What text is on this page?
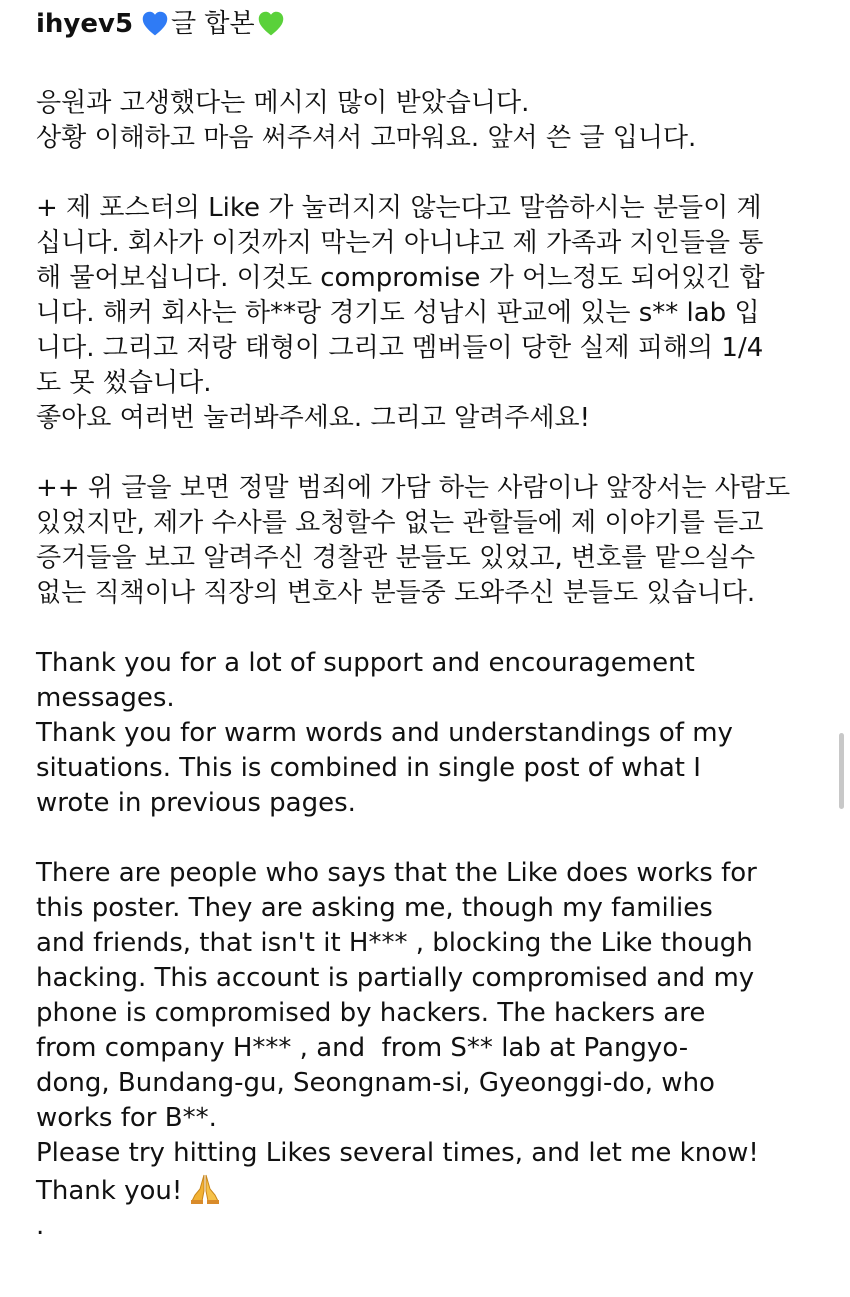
ihyev5 글 합본
응원과 고생했다는 메시지 많이 받았습니다.
상황 이해하고 마음 써주셔서 고마워요. 앞서 쓴 글 입니다.
+ 제 포스터의 Like 가 눌러지지 않는다고 말씀하시는 분들이 계
십니다. 회사가 이것까지 막는거 아니냐고 제 가족과 지인들을 통
해 물어보십니다. 이것도 compromise 가 어느정도 되어있긴 합
니다. 해커 회사는 하**랑 경기도 성남시 판교에 있는 s** lab 입
니다. 그리고 저랑 태형이 그리고 멤버들이 당한 실제 피해의 1/4
도 못 썼습니다.
좋아요 여러번 눌러봐주세요. 그리고 알려주세요!
++ 위 글을 보면 정말 범죄에 가담 하는 사람이나 앞장서는 사람도
있었지만, 제가 수사를 요청할수 없는 관할들에 제 이야기를 듣고
증거들을 보고 알려주신 경찰관 분들도 있었고, 변호를 맡으실수
없는 직책이나 직장의 변호사 분들중 도와주신 분들도 있습니다.
Thank you for a lot of support and encouragement
messages.
Thank you for warm words and understandings of my
situations. This is combined in single post of what I
wrote in previous pages.
There are people who says that the Like does works for
this poster. They are asking me, though my families
and friends, that isn't it H*** , blocking the Like though
hacking. This account is partially compromised and my
phone is compromised by hackers. The hackers are
from company H*** , and  from S** lab at Pangyo-
dong, Bundang-gu, Seongnam-si, Gyeonggi-do, who
works for B**.
Please try hitting Likes several times, and let me know!
Thank you!
.
